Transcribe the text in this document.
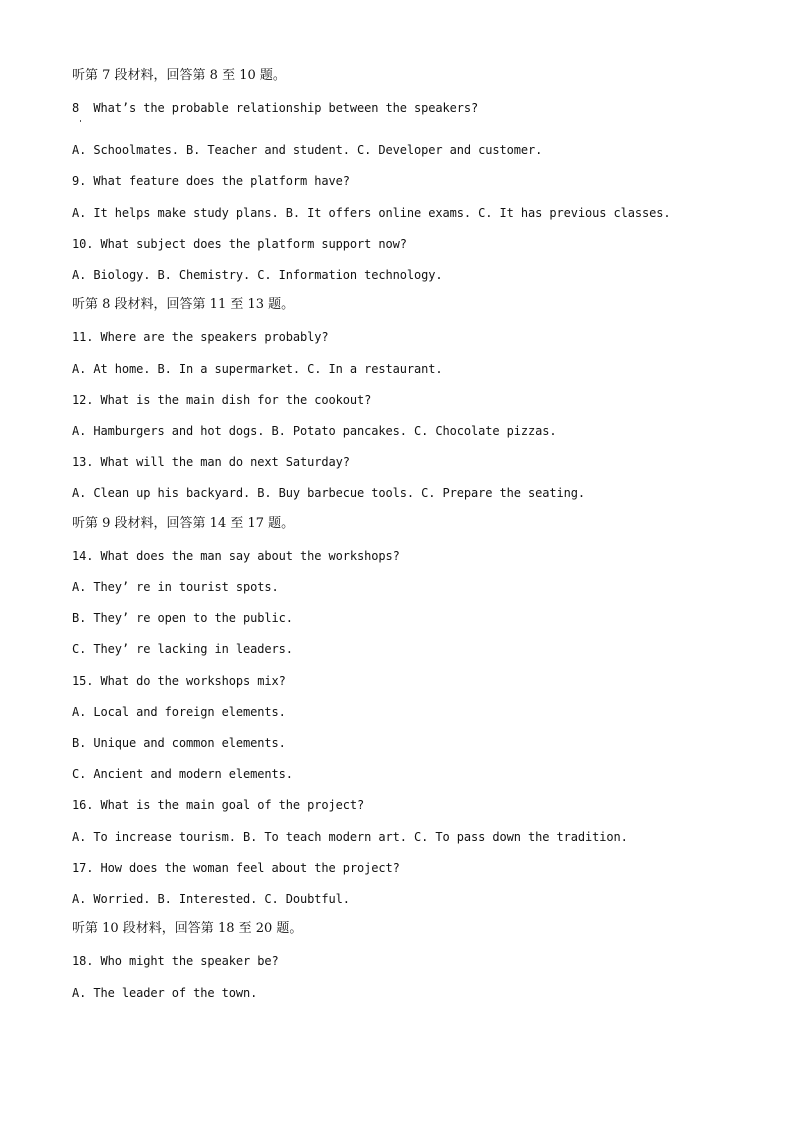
听第 7 段材料，回答第 8 至 10 题。
8  What’s the probable relationship between the speakers?
A. Schoolmates. B. Teacher and student. C. Developer and customer.
9. What feature does the platform have?
A. It helps make study plans. B. It offers online exams. C. It has previous classes.
10. What subject does the platform support now?
A. Biology. B. Chemistry. C. Information technology.
听第 8 段材料，回答第 11 至 13 题。
11. Where are the speakers probably?
A. At home. B. In a supermarket. C. In a restaurant.
12. What is the main dish for the cookout?
A. Hamburgers and hot dogs. B. Potato pancakes. C. Chocolate pizzas.
13. What will the man do next Saturday?
A. Clean up his backyard. B. Buy barbecue tools. C. Prepare the seating.
听第 9 段材料，回答第 14 至 17 题。
14. What does the man say about the workshops?
A. They’ re in tourist spots.
B. They’ re open to the public.
C. They’ re lacking in leaders.
15. What do the workshops mix?
A. Local and foreign elements.
B. Unique and common elements.
C. Ancient and modern elements.
16. What is the main goal of the project?
A. To increase tourism. B. To teach modern art. C. To pass down the tradition.
17. How does the woman feel about the project?
A. Worried. B. Interested. C. Doubtful.
听第 10 段材料，回答第 18 至 20 题。
18. Who might the speaker be?
A. The leader of the town.
